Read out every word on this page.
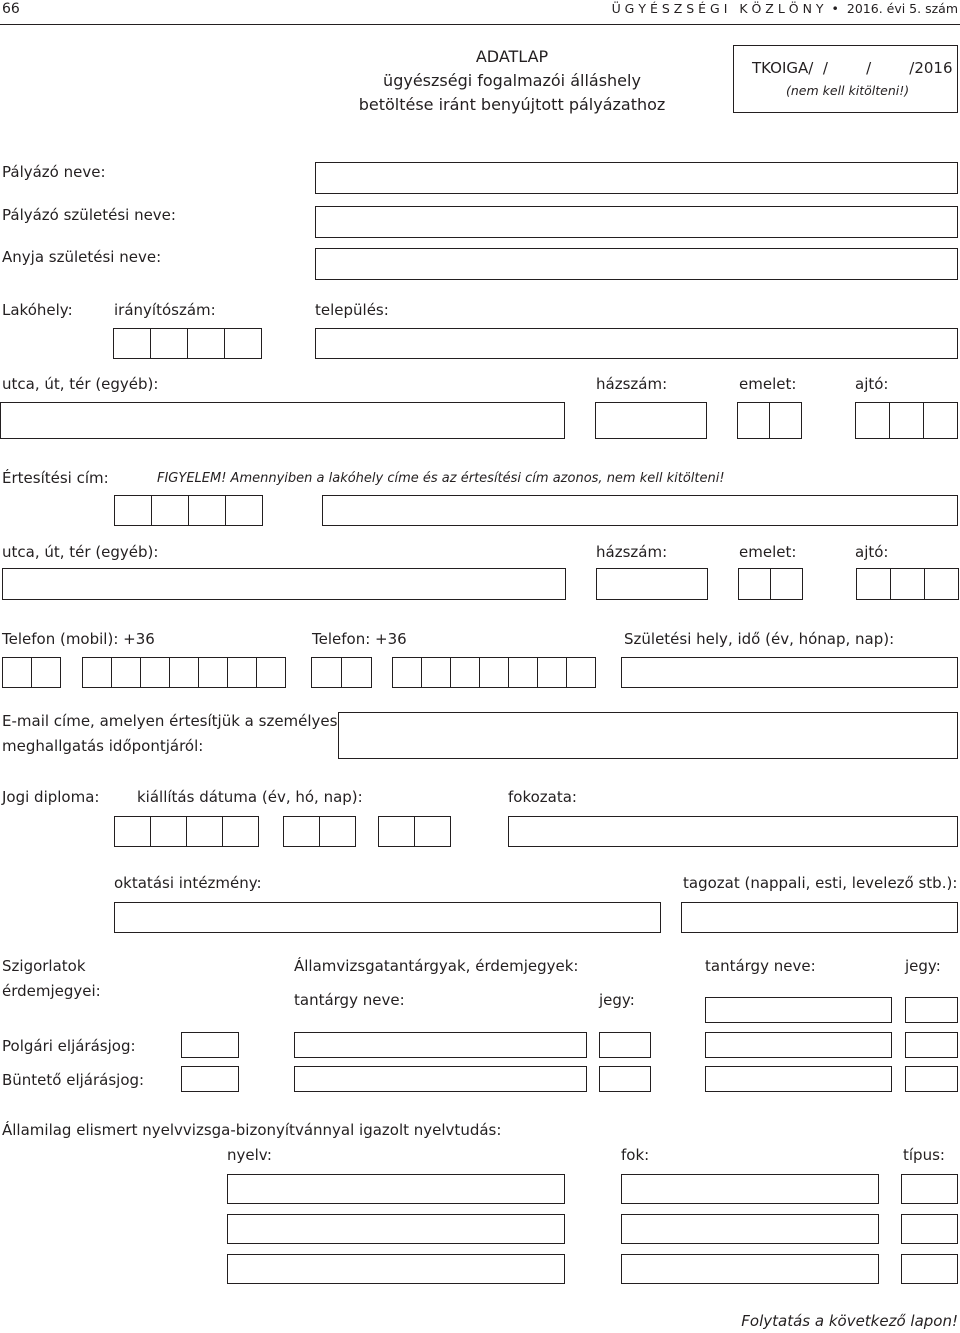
66	Ü G Y É S Z S É G I   K Ö Z L Ö N Y • 2016. évi 5. szám
ADATLAP
ügyészségi fogalmazói álláshely
betöltése iránt benyújtott pályázathoz
TKOIGA/  /        /        /2016
(nem kell kitölteni!)
Pályázó neve:
Pályázó születési neve:
Anyja születési neve:
Lakóhely:	irányítószám:	település:
utca, út, tér (egyéb):	házszám:	emelet:	ajtó:
Értesítési cím:	FIGYELEM! Amennyiben a lakóhely címe és az értesítési cím azonos, nem kell kitölteni!
utca, út, tér (egyéb):	házszám:	emelet:	ajtó:
Telefon (mobil): +36	Telefon: +36	Születési hely, idő (év, hónap, nap):
E-mail címe, amelyen értesítjük a személyes
meghallgatás időpontjáról:
Jogi diploma:	kiállítás dátuma (év, hó, nap):	fokozata:
oktatási intézmény:	tagozat (nappali, esti, levelező stb.):
Szigorlatok
érdemjegyei:
Államvizsgatantárgyak, érdemjegyek:	tantárgy neve:	jegy:
tantárgy neve:	jegy:
Polgári eljárásjog:
Büntető eljárásjog:
Államilag elismert nyelvvizsga-bizonyítvánnyal igazolt nyelvtudás:
nyelv:	fok:	típus:
Folytatás a következő lapon!
